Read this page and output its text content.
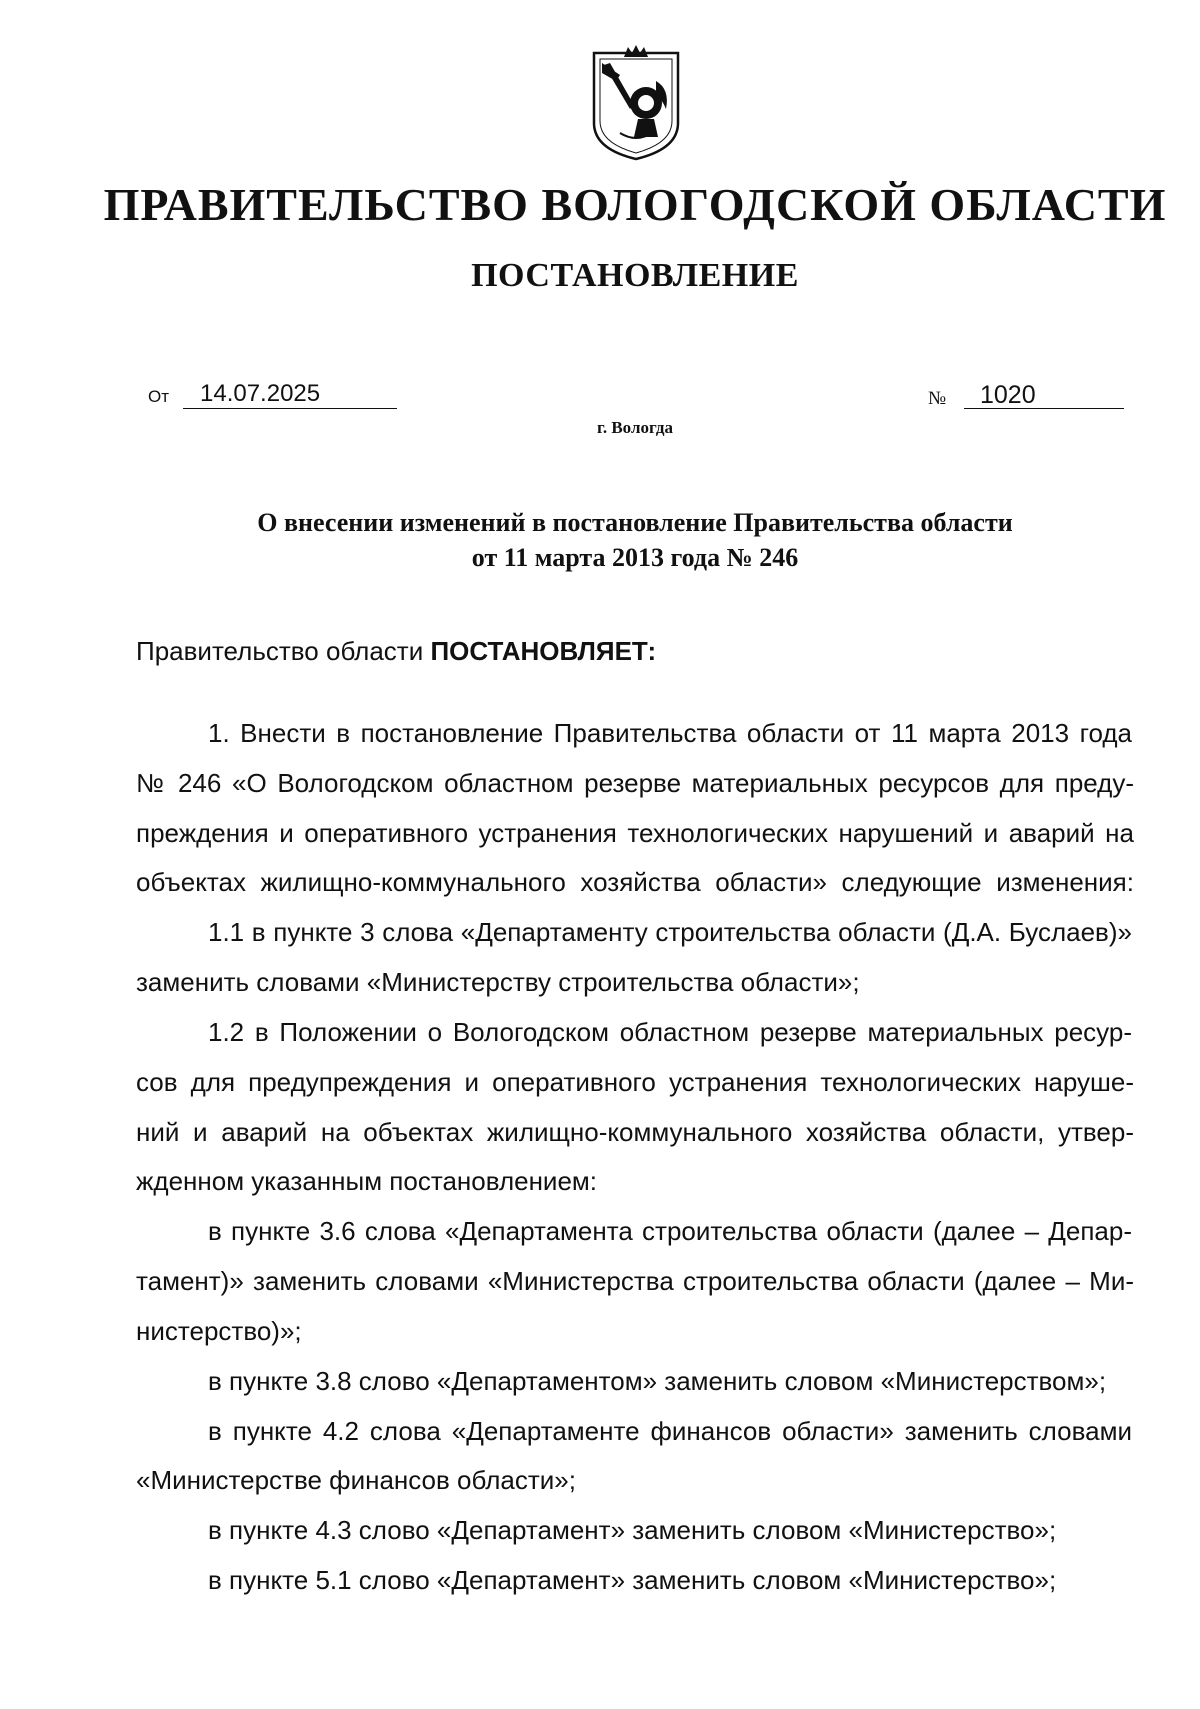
ПРАВИТЕЛЬСТВО ВОЛОГОДСКОЙ ОБЛАСТИ
ПОСТАНОВЛЕНИЕ
От 14.07.2025	№ 1020
г. Вологда
О внесении изменений в постановление Правительства области
от 11 марта 2013 года № 246
Правительство области ПОСТАНОВЛЯЕТ:
1. Внести в постановление Правительства области от 11 марта 2013 года
№ 246 «О Вологодском областном резерве материальных ресурсов для преду-
преждения и оперативного устранения технологических нарушений и аварий на
объектах жилищно-коммунального хозяйства области» следующие изменения:
1.1 в пункте 3 слова «Департаменту строительства области (Д.А. Буслаев)»
заменить словами «Министерству строительства области»;
1.2 в Положении о Вологодском областном резерве материальных ресур-
сов для предупреждения и оперативного устранения технологических наруше-
ний и аварий на объектах жилищно-коммунального хозяйства области, утвер-
жденном указанным постановлением:
в пункте 3.6 слова «Департамента строительства области (далее – Депар-
тамент)» заменить словами «Министерства строительства области (далее – Ми-
нистерство)»;
в пункте 3.8 слово «Департаментом» заменить словом «Министерством»;
в пункте 4.2 слова «Департаменте финансов области» заменить словами
«Министерстве финансов области»;
в пункте 4.3 слово «Департамент» заменить словом «Министерство»;
в пункте 5.1 слово «Департамент» заменить словом «Министерство»;
